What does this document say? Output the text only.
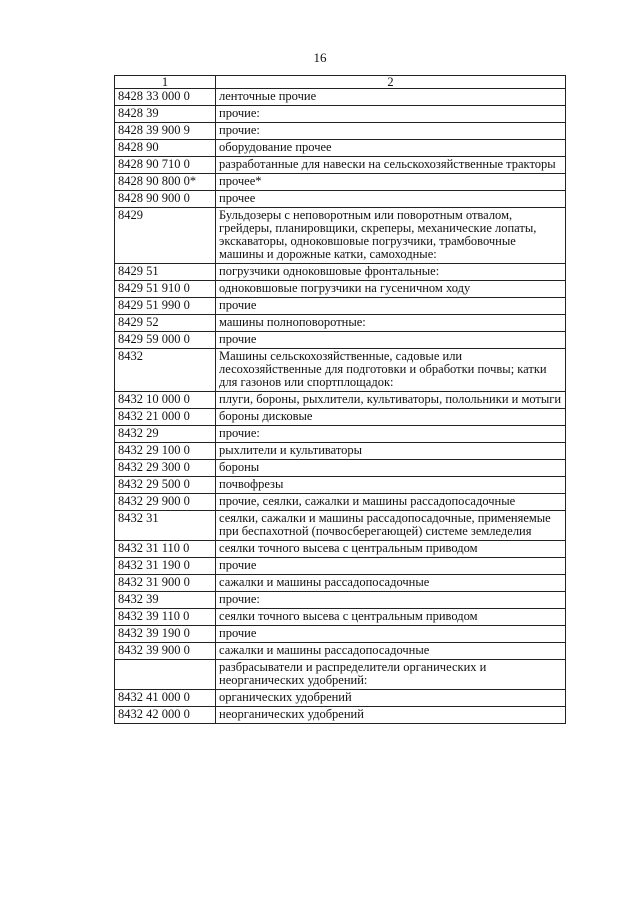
16
1	2
8428 33 000 0	ленточные прочие
8428 39	прочие:
8428 39 900 9	прочие:
8428 90	оборудование прочее
8428 90 710 0	разработанные для навески на сельскохозяйственные тракторы
8428 90 800 0*	прочее*
8428 90 900 0	прочее
8429	Бульдозеры с неповоротным или поворотным отвалом, грейдеры, планировщики, скреперы, механические лопаты, экскаваторы, одноковшовые погрузчики, трамбовочные машины и дорожные катки, самоходные:
8429 51	погрузчики одноковшовые фронтальные:
8429 51 910 0	одноковшовые погрузчики на гусеничном ходу
8429 51 990 0	прочие
8429 52	машины полноповоротные:
8429 59 000 0	прочие
8432	Машины сельскохозяйственные, садовые или лесохозяйственные для подготовки и обработки почвы; катки для газонов или спортплощадок:
8432 10 000 0	плуги, бороны, рыхлители, культиваторы, полольники и мотыги
8432 21 000 0	бороны дисковые
8432 29	прочие:
8432 29 100 0	рыхлители и культиваторы
8432 29 300 0	бороны
8432 29 500 0	почвофрезы
8432 29 900 0	прочие, сеялки, сажалки и машины рассадопосадочные
8432 31	сеялки, сажалки и машины рассадопосадочные, применяемые при беспахотной (почвосберегающей) системе земледелия
8432 31 110 0	сеялки точного высева с центральным приводом
8432 31 190 0	прочие
8432 31 900 0	сажалки и машины рассадопосадочные
8432 39	прочие:
8432 39 110 0	сеялки точного высева с центральным приводом
8432 39 190 0	прочие
8432 39 900 0	сажалки и машины рассадопосадочные
	разбрасыватели и распределители органических и неорганических удобрений:
8432 41 000 0	органических удобрений
8432 42 000 0	неорганических удобрений
